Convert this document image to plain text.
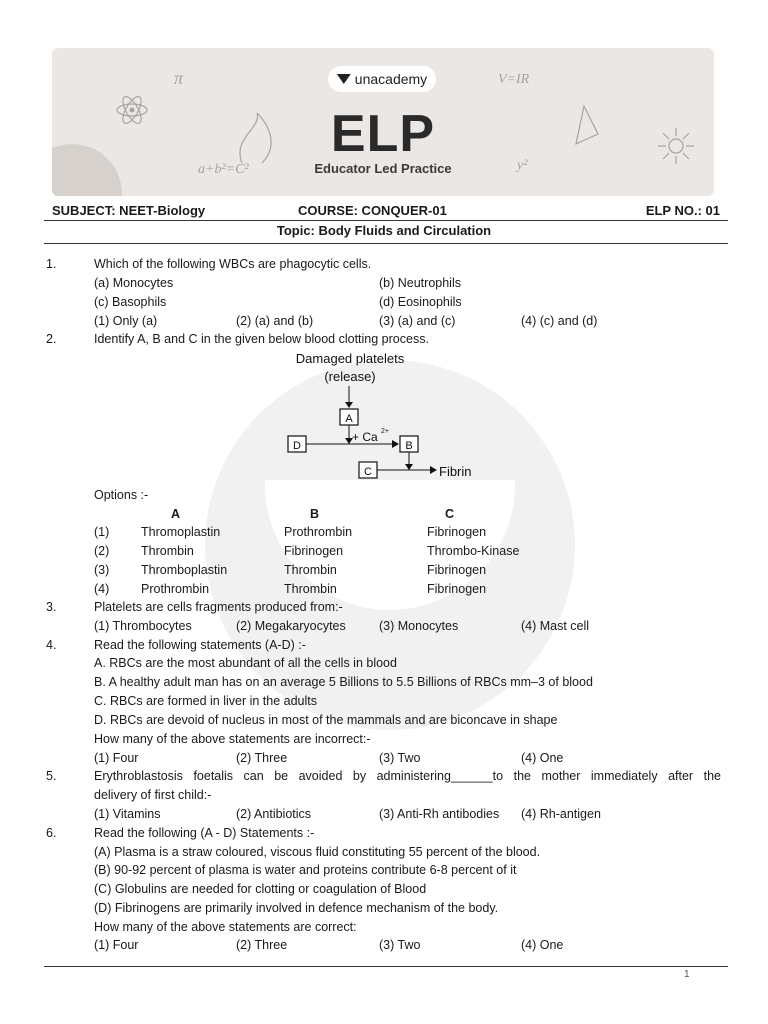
π	V=IR
a+b²=C²	y²
unacademy
ELP
Educator Led Practice
SUBJECT: NEET-Biology	COURSE: CONQUER-01	ELP NO.: 01
Topic: Body Fluids and Circulation
1.	Which of the following WBCs are phagocytic cells.
(a) Monocytes	(b) Neutrophils
(c) Basophils	(d) Eosinophils
(1) Only (a)	(2) (a) and (b)	(3) (a) and (c)	(4) (c) and (d)
2.	Identify A, B and C in the given below blood clotting process.
Damaged platelets
(release)
A
+ Ca 2+
D	B
C	Fibrin
Options :-
A	B	C
(1)	Thromoplastin	Prothrombin	Fibrinogen
(2)	Thrombin	Fibrinogen	Thrombo-Kinase
(3)	Thromboplastin	Thrombin	Fibrinogen
(4)	Prothrombin	Thrombin	Fibrinogen
3.	Platelets are cells fragments produced from:-
(1) Thrombocytes	(2) Megakaryocytes	(3) Monocytes	(4) Mast cell
4.	Read the following statements (A-D) :-
A. RBCs are the most abundant of all the cells in blood
B. A healthy adult man has on an average 5 Billions to 5.5 Billions of RBCs mm–3 of blood
C. RBCs are formed in liver in the adults
D. RBCs are devoid of nucleus in most of the mammals and are biconcave in shape
How many of the above statements are incorrect:-
(1) Four	(2) Three	(3) Two	(4) One
5.	Erythroblastosis foetalis can be avoided by administering______to the mother immediately after the
delivery of first child:-
(1) Vitamins	(2) Antibiotics	(3) Anti-Rh antibodies (4) Rh-antigen
6.	Read the following (A - D) Statements :-
(A) Plasma is a straw coloured, viscous fluid constituting 55 percent of the blood.
(B) 90-92 percent of plasma is water and proteins contribute 6-8 percent of it
(C) Globulins are needed for clotting or coagulation of Blood
(D) Fibrinogens are primarily involved in defence mechanism of the body.
How many of the above statements are correct:
(1) Four	(2) Three	(3) Two	(4) One
1
